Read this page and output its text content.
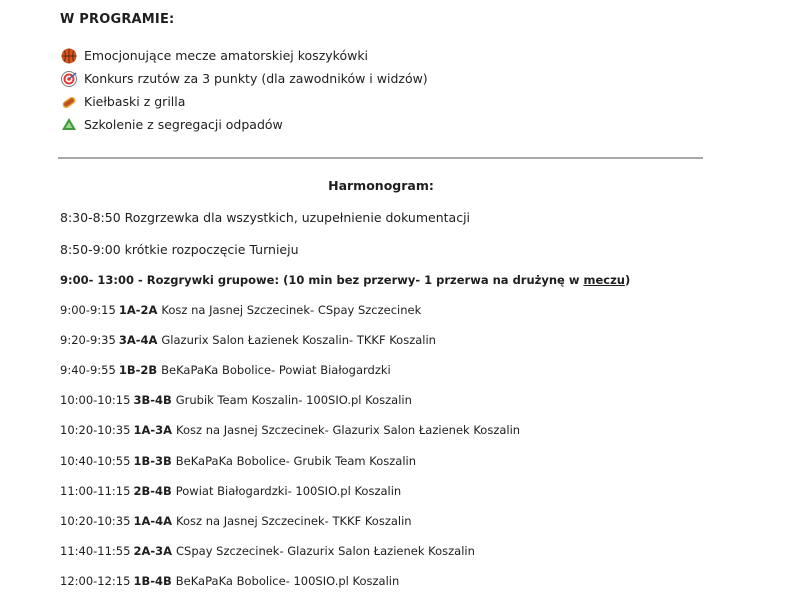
W PROGRAMIE:
Emocjonujące mecze amatorskiej koszykówki
Konkurs rzutów za 3 punkty (dla zawodników i widzów)
Kiełbaski z grilla
Szkolenie z segregacji odpadów
Harmonogram:
8:30-8:50 Rozgrzewka dla wszystkich, uzupełnienie dokumentacji
8:50-9:00 krótkie rozpoczęcie Turnieju
9:00- 13:00 - Rozgrywki grupowe: (10 min bez przerwy- 1 przerwa na drużynę w meczu)
9:00-9:15 1A-2A Kosz na Jasnej Szczecinek- CSpay Szczecinek
9:20-9:35 3A-4A Glazurix Salon Łazienek Koszalin- TKKF Koszalin
9:40-9:55 1B-2B BeKaPaKa Bobolice- Powiat Białogardzki
10:00-10:15 3B-4B Grubik Team Koszalin- 100SIO.pl Koszalin
10:20-10:35 1A-3A Kosz na Jasnej Szczecinek- Glazurix Salon Łazienek Koszalin
10:40-10:55 1B-3B BeKaPaKa Bobolice- Grubik Team Koszalin
11:00-11:15 2B-4B Powiat Białogardzki- 100SIO.pl Koszalin
10:20-10:35 1A-4A Kosz na Jasnej Szczecinek- TKKF Koszalin
11:40-11:55 2A-3A CSpay Szczecinek- Glazurix Salon Łazienek Koszalin
12:00-12:15 1B-4B BeKaPaKa Bobolice- 100SIO.pl Koszalin
